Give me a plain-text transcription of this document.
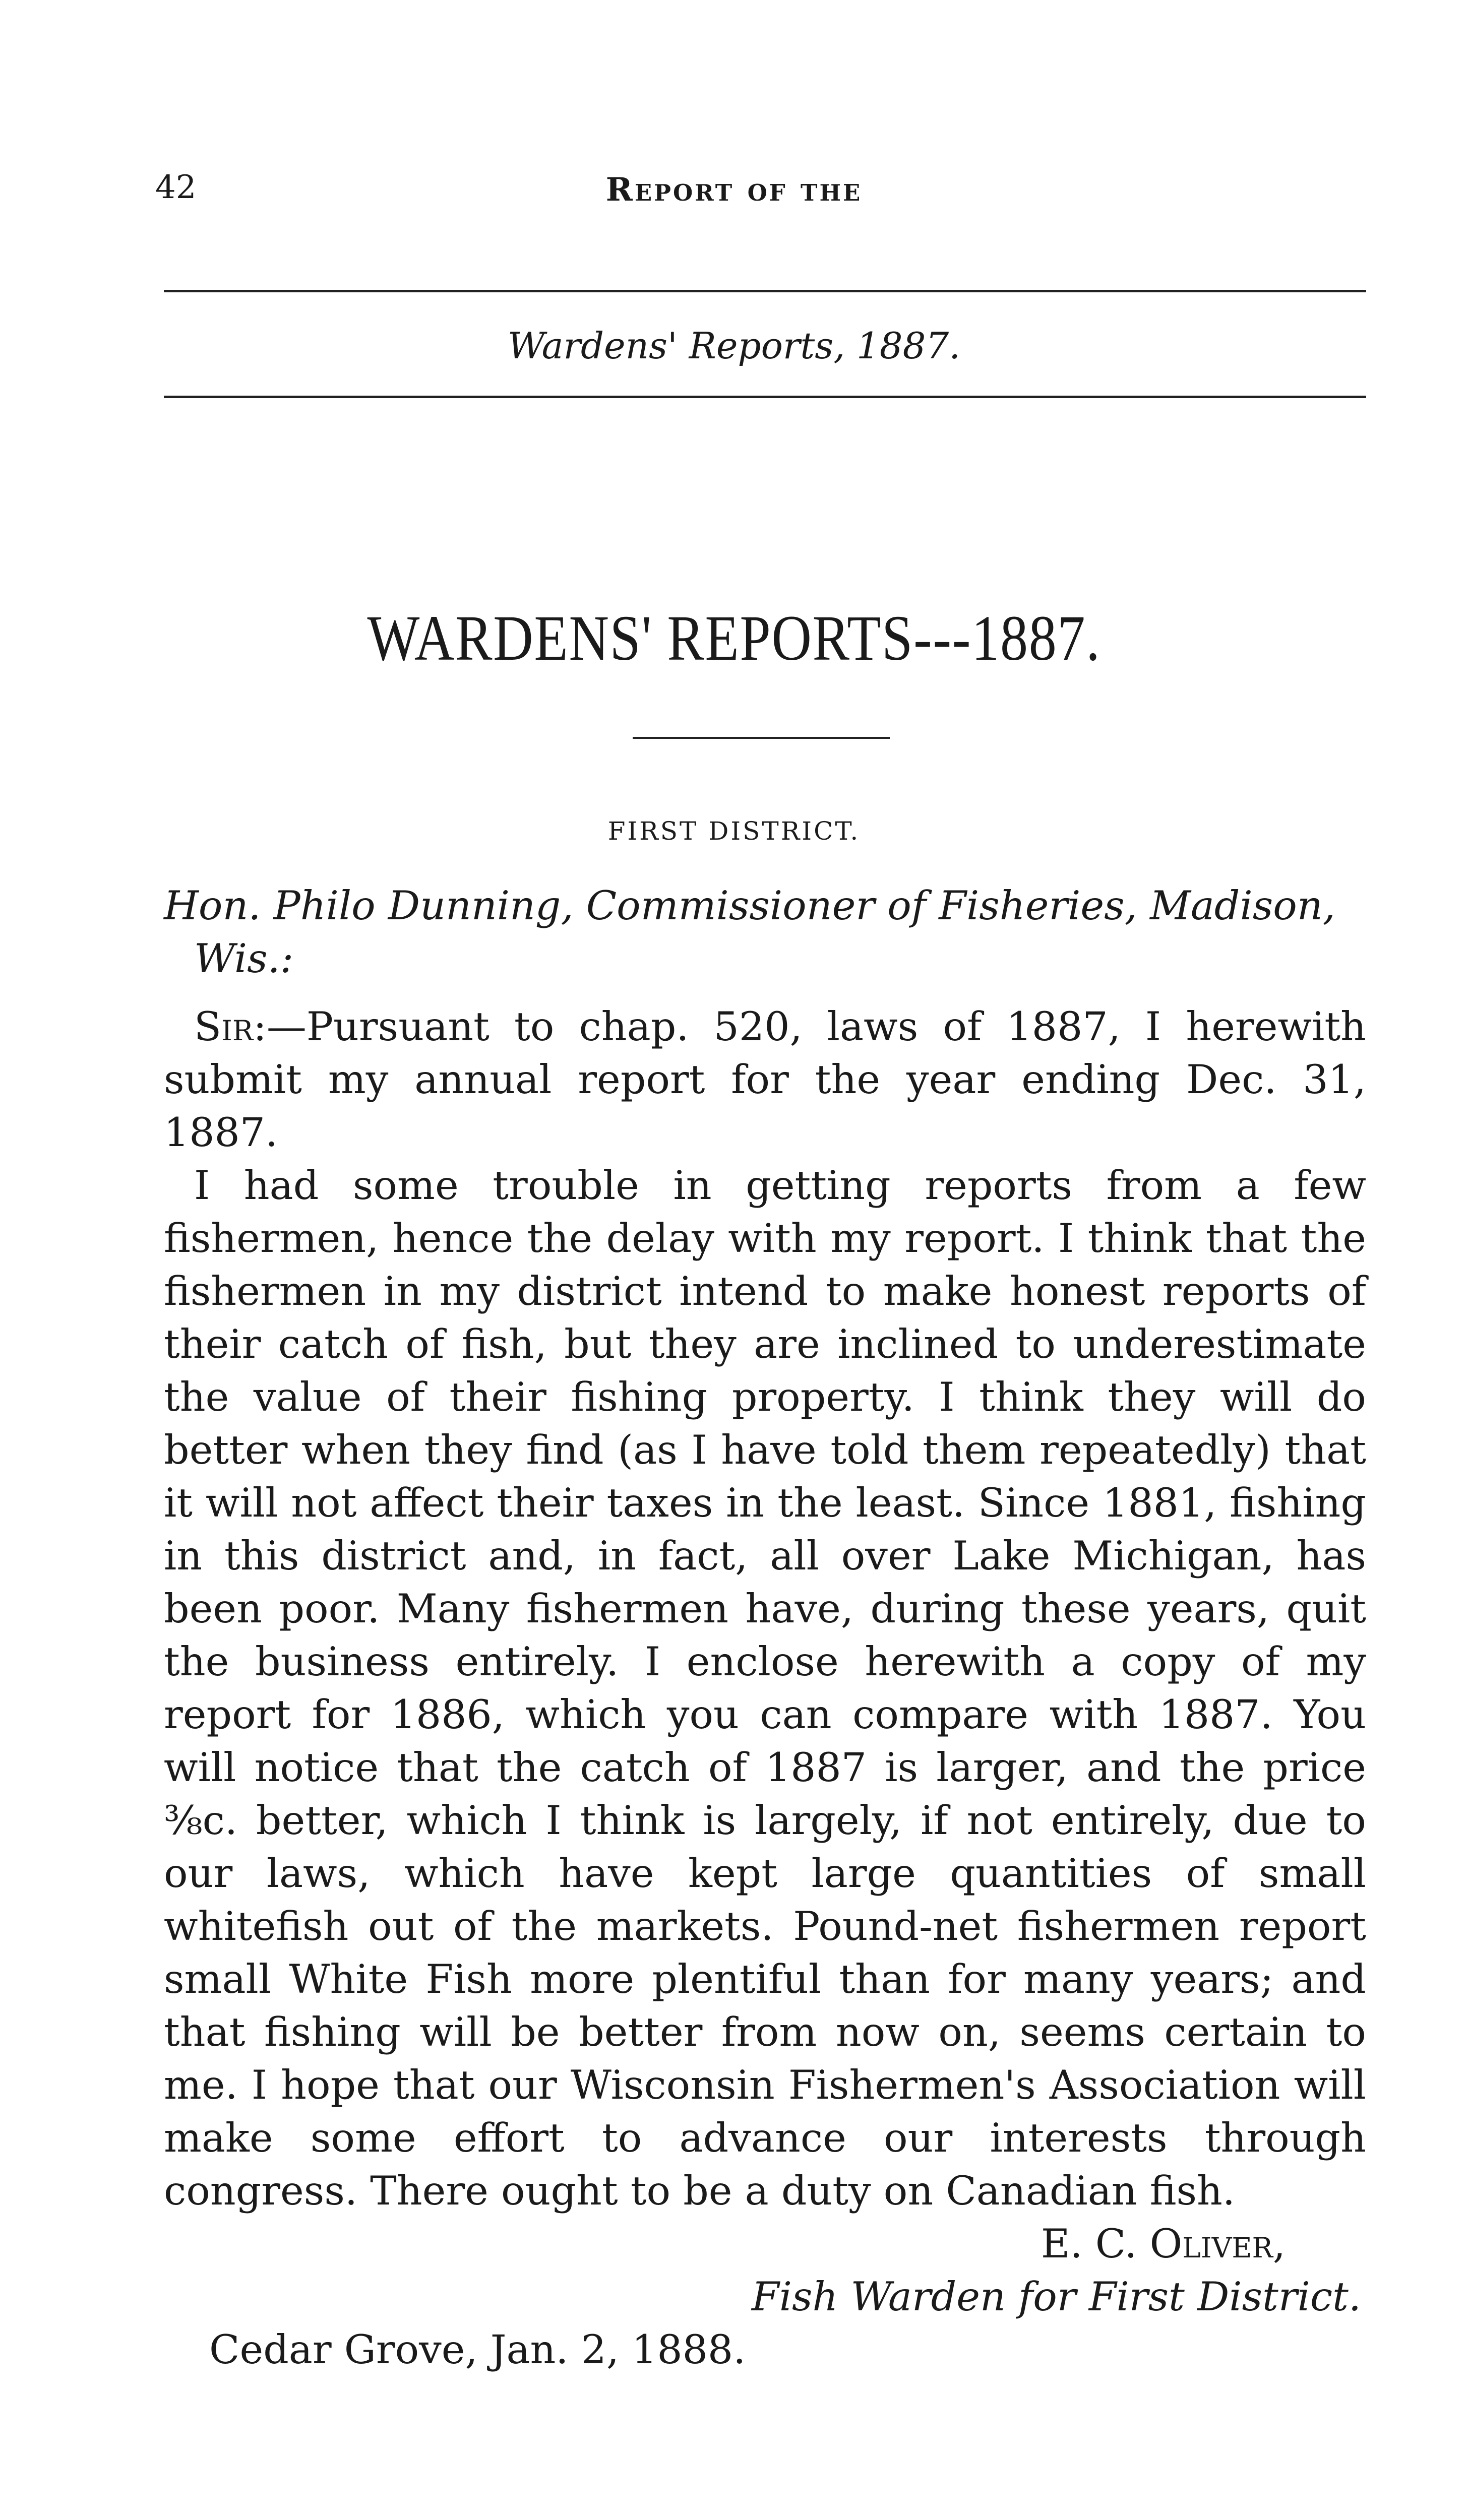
42	Report of the
Wardens' Reports, 1887.
WARDENS' REPORTS---1887.
FIRST DISTRICT.

Hon. Philo Dunning, Commissioner of Fisheries, Madison,
Wis.:

Sir:—Pursuant to chap. 520, laws of 1887, I herewith submit my annual report for the year ending Dec. 31, 1887.

I had some trouble in getting reports from a few fishermen, hence the delay with my report. I think that the fishermen in my district intend to make honest reports of their catch of fish, but they are inclined to underestimate the value of their fishing property. I think they will do better when they find (as I have told them repeatedly) that it will not affect their taxes in the least. Since 1881, fishing in this district and, in fact, all over Lake Michigan, has been poor. Many fishermen have, during these years, quit the business entirely. I enclose herewith a copy of my report for 1886, which you can compare with 1887. You will notice that the catch of 1887 is larger, and the price ⅜c. better, which I think is largely, if not entirely, due to our laws, which have kept large quantities of small whitefish out of the markets. Pound-net fishermen report small White Fish more plentiful than for many years; and that fishing will be better from now on, seems certain to me. I hope that our Wisconsin Fishermen's Association will make some effort to advance our interests through congress. There ought to be a duty on Canadian fish.

E. C. Oliver,

Fish Warden for First District.

Cedar Grove, Jan. 2, 1888.
